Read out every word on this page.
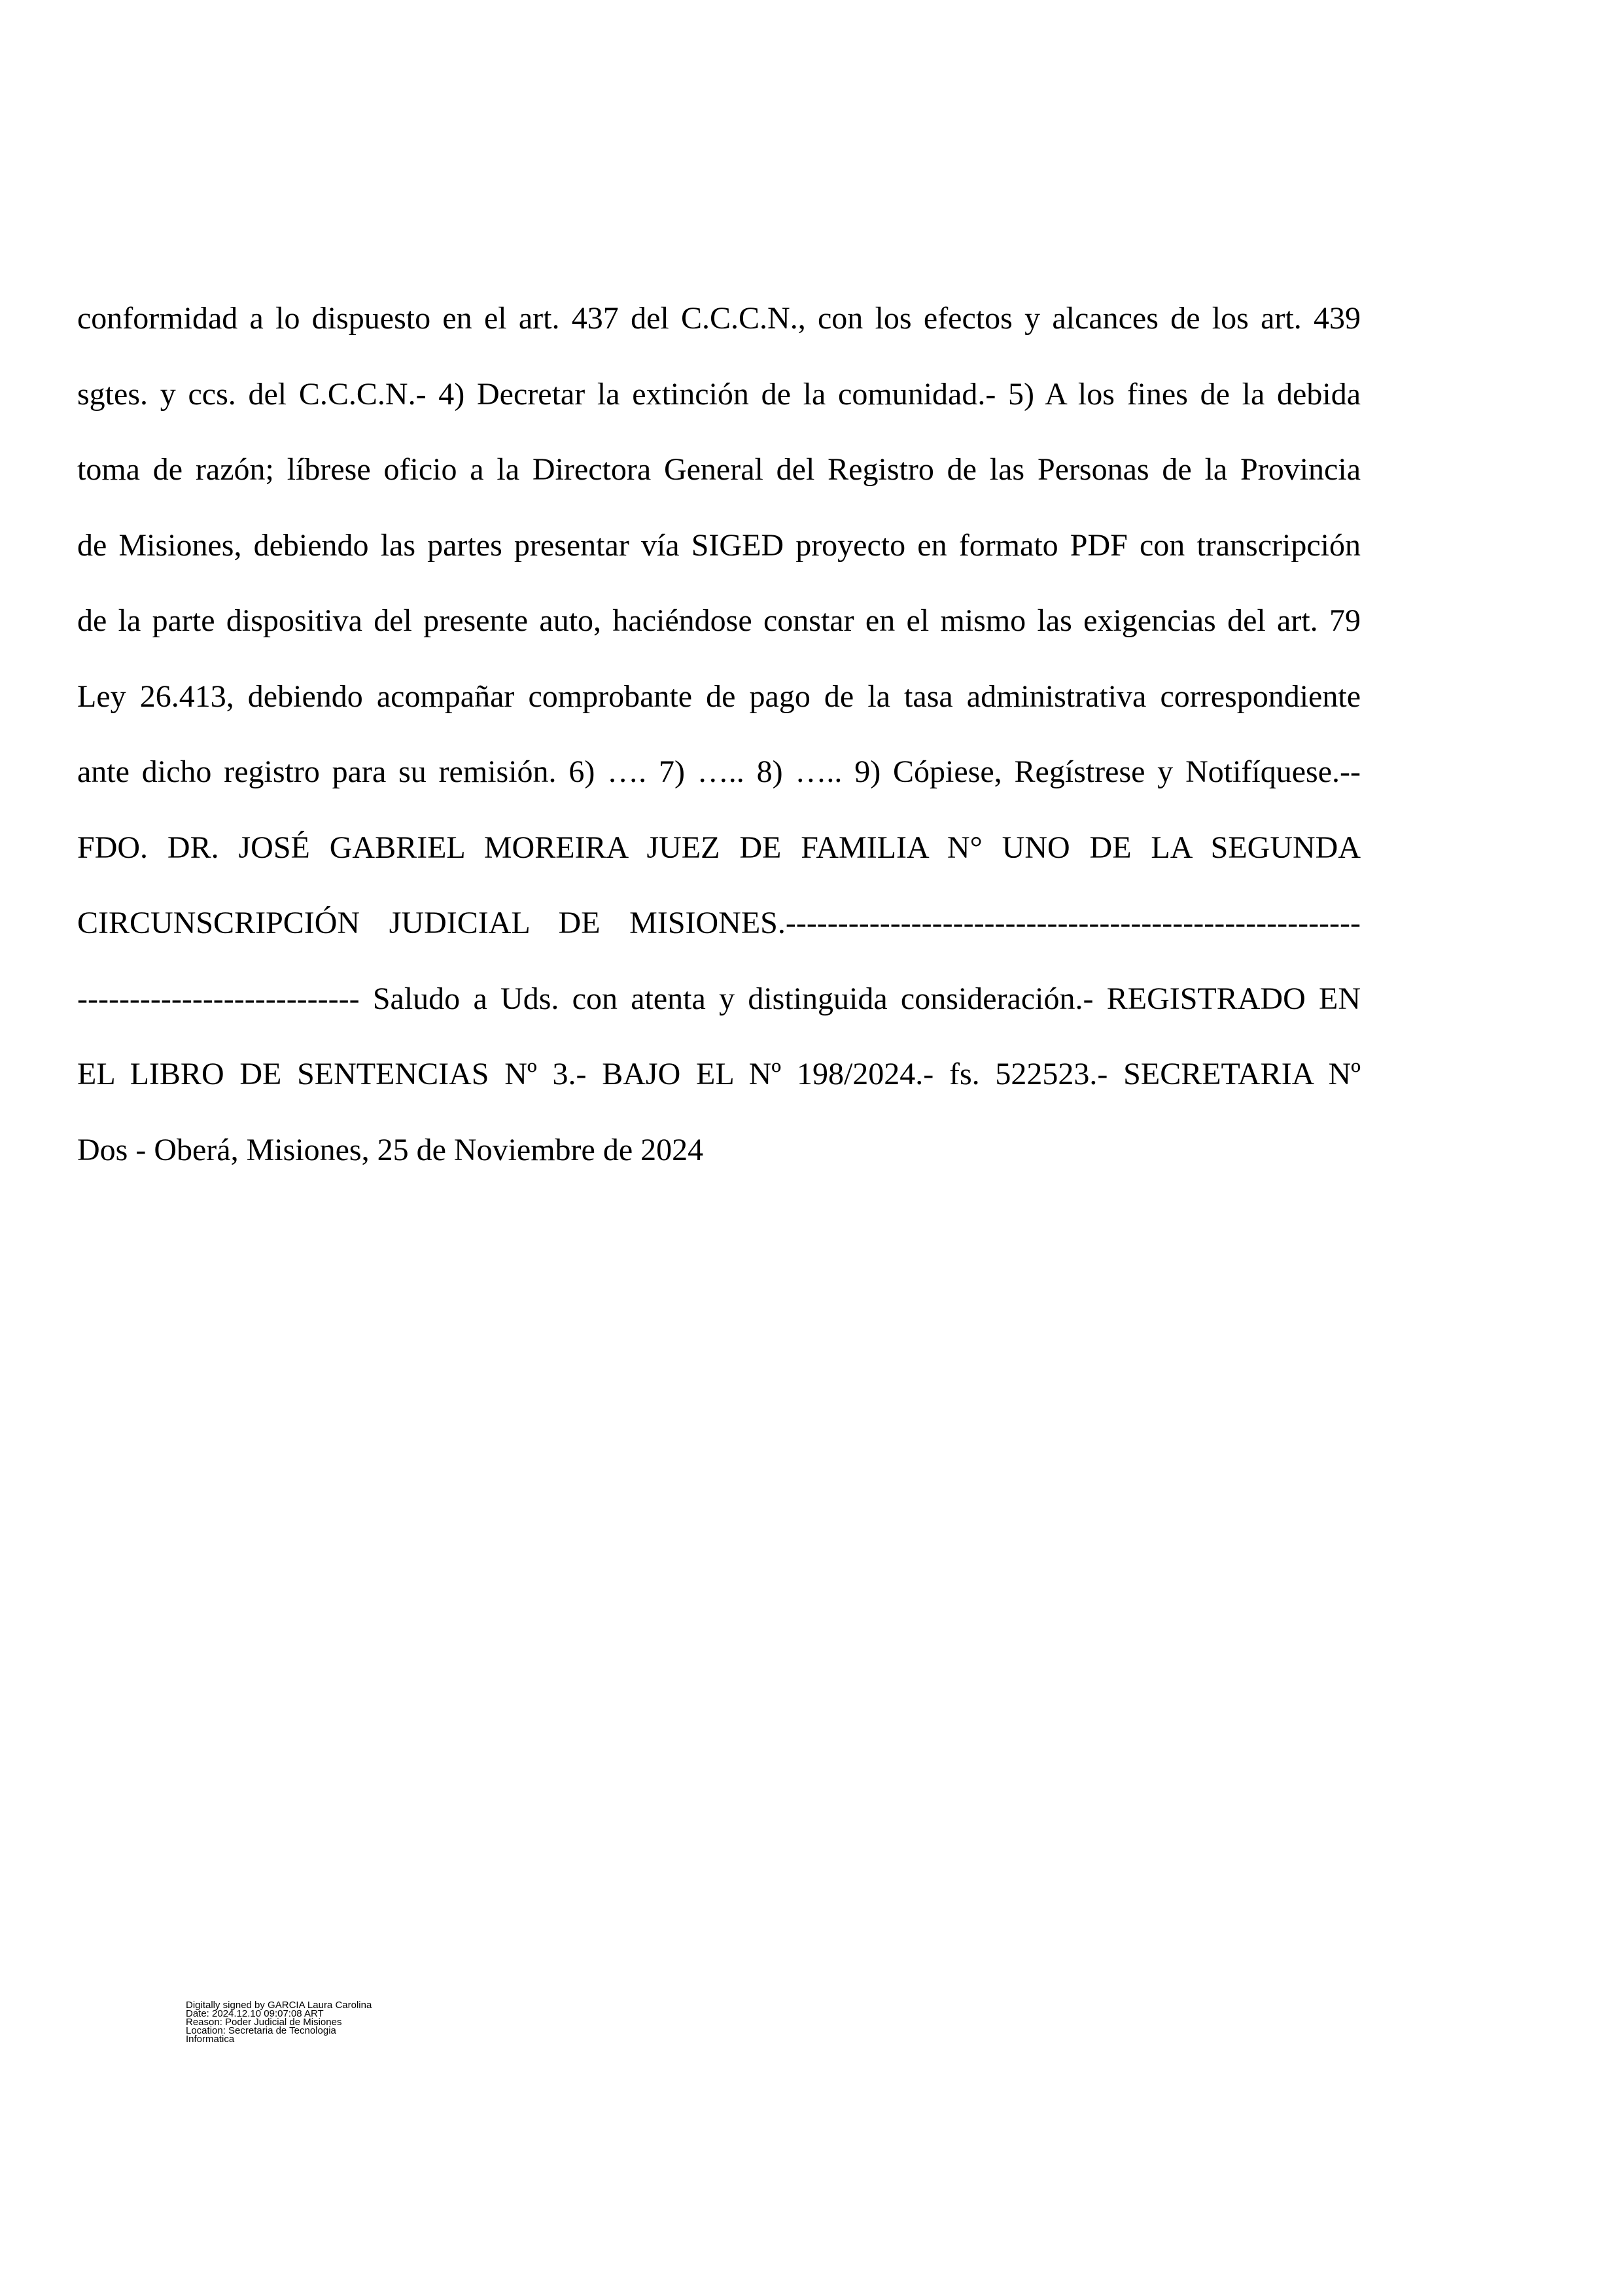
conformidad a lo dispuesto en el art. 437 del C.C.C.N., con los efectos y alcances de los art. 439
sgtes. y ccs. del C.C.C.N.- 4) Decretar la extinción de la comunidad.- 5) A los fines de la debida
toma de razón; líbrese oficio a la Directora General del Registro de las Personas de la Provincia
de Misiones, debiendo las partes presentar vía SIGED proyecto en formato PDF con transcripción
de la parte dispositiva del presente auto, haciéndose constar en el mismo las exigencias del art. 79
Ley 26.413, debiendo acompañar comprobante de pago de la tasa administrativa correspondiente
ante dicho registro para su remisión. 6) …. 7) ….. 8) ….. 9) Cópiese, Regístrese y Notifíquese.--
FDO. DR. JOSÉ GABRIEL MOREIRA JUEZ DE FAMILIA N° UNO DE LA SEGUNDA
CIRCUNSCRIPCIÓN JUDICIAL DE MISIONES.-------------------------------------------------------
--------------------------- Saludo a Uds. con atenta y distinguida consideración.- REGISTRADO EN
EL LIBRO DE SENTENCIAS Nº 3.- BAJO EL Nº 198/2024.- fs. 522523.- SECRETARIA Nº
Dos - Oberá, Misiones, 25 de Noviembre de 2024
Digitally signed by GARCIA Laura Carolina
Date: 2024.12.10 09:07:08 ART
Reason: Poder Judicial de Misiones
Location: Secretaria de Tecnologia
Informatica
